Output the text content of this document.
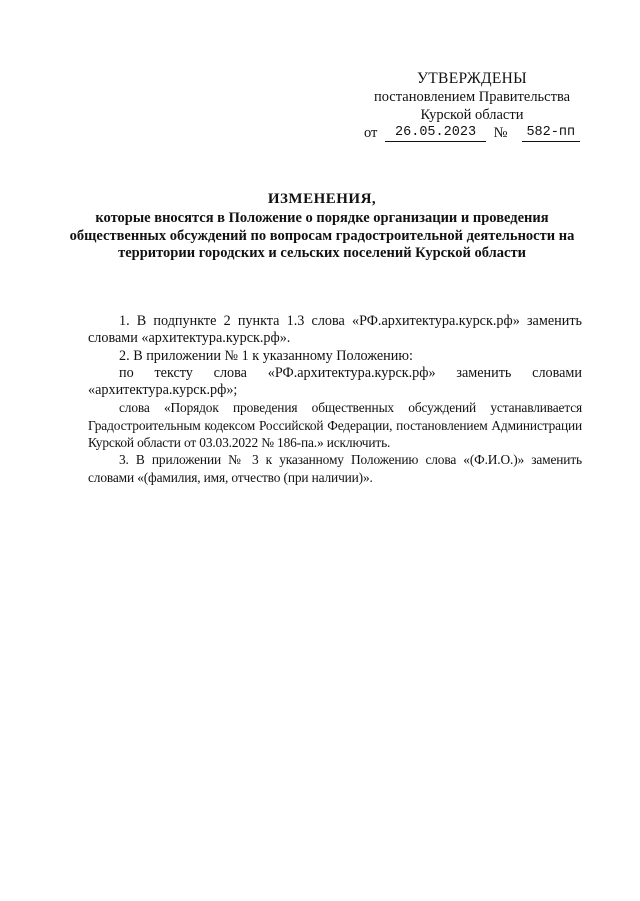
УТВЕРЖДЕНЫ
постановлением Правительства
Курской области
от	26.05.2023	№	582-пп
ИЗМЕНЕНИЯ,
которые вносятся в Положение о порядке организации и проведения общественных обсуждений по вопросам градостроительной деятельности на территории городских и сельских поселений Курской области

1. В подпункте 2 пункта 1.3 слова «РФ.архитектура.курск.рф» заменить словами «архитектура.курск.рф».

2. В приложении № 1 к указанному Положению:

по тексту слова «РФ.архитектура.курск.рф» заменить словами «архитектура.курск.рф»;

слова «Порядок проведения общественных обсуждений устанавливается Градостроительным кодексом Российской Федерации, постановлением Администрации Курской области от 03.03.2022 № 186-па.» исключить.

3. В приложении № 3 к указанному Положению слова «(Ф.И.О.)» заменить словами «(фамилия, имя, отчество (при наличии)».
